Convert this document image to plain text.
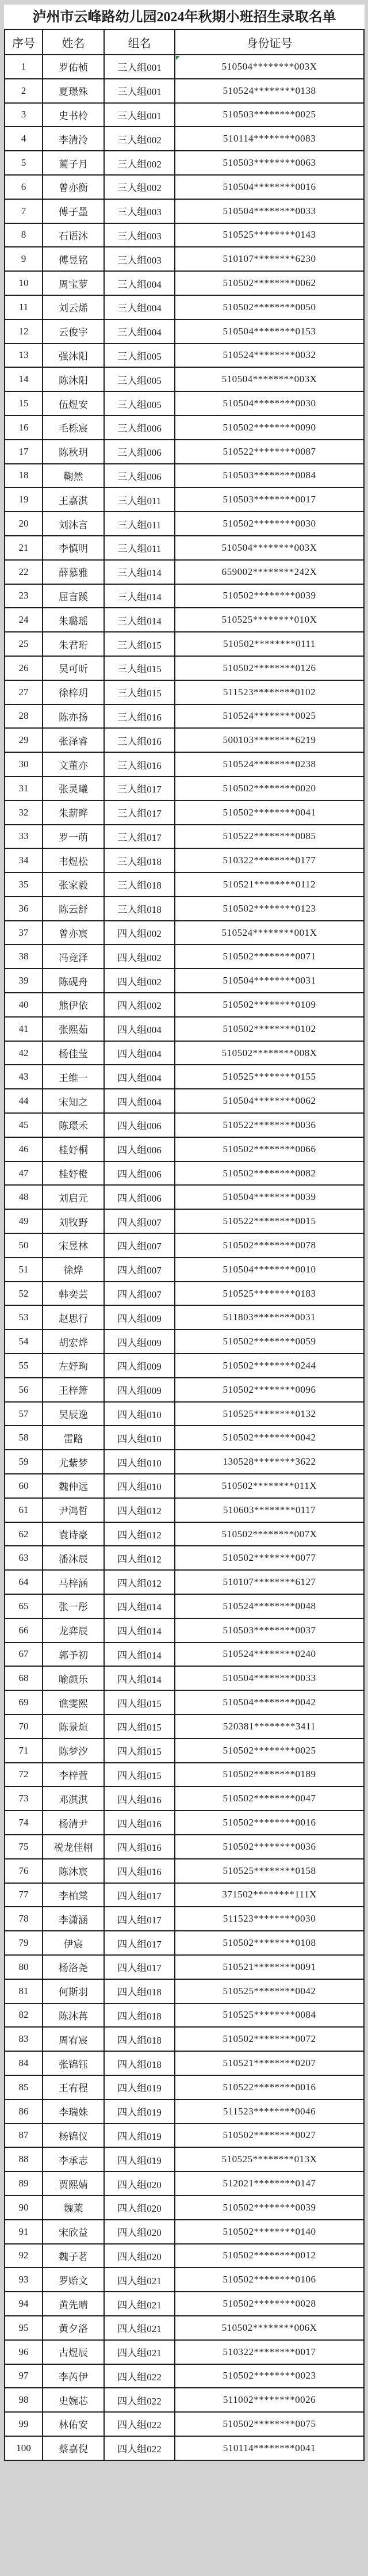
泸州市云峰路幼儿园2024年秋期小班招生录取名单
序号	姓名	组名	身份证号
1	罗佑桢	三人组001	510504********003X

2	夏璟殊	三人组001	510524********0138
3	史书柃	三人组001	510503********0025
4	李清泠	三人组002	510114********0083
5	蔺子月	三人组002	510503********0063
6	曾亦衡	三人组002	510504********0016
7	傅子墨	三人组003	510504********0033
8	石语沐	三人组003	510525********0143
9	傅昱铭	三人组003	510107********6230
10	周宝萝	三人组004	510502********0062
11	刘云烯	三人组004	510502********0050
12	云俊宇	三人组004	510504********0153
13	强沐阳	三人组005	510524********0032
14	陈沐阳	三人组005	510504********003X
15	伍煜安	三人组005	510504********0030
16	毛栎宸	三人组006	510502********0090
17	陈秋玥	三人组006	510522********0087
18	鞠然	三人组006	510503********0084
19	王嘉淇	三人组011	510503********0017
20	刘沐言	三人组011	510502********0030
21	李慎明	三人组011	510504********003X
22	薛慕雅	三人组014	659002********242X
23	屈言蹊	三人组014	510502********0039
24	朱璐瑶	三人组014	510525********010X
25	朱君珩	三人组015	510502********0111
26	吴可昕	三人组015	510502********0126
27	徐梓玥	三人组015	511523********0102
28	陈亦扬	三人组016	510524********0025
29	张泽睿	三人组016	500103********6219
30	文董亦	三人组016	510524********0238
31	张灵曦	三人组017	510502********0020
32	朱薪晔	三人组017	510502********0041
33	罗一萌	三人组017	510522********0085
34	韦煜松	三人组018	510322********0177
35	张家毅	三人组018	510521********0112
36	陈云舒	三人组018	510502********0123
37	曾亦宸	四人组002	510524********001X
38	冯竞泽	四人组002	510502********0071
39	陈砚舟	四人组002	510504********0031
40	熊伊依	四人组002	510502********0109
41	张熙茹	四人组004	510502********0102
42	杨佳莹	四人组004	510502********008X
43	王维一	四人组004	510525********0155
44	宋知之	四人组004	510504********0062
45	陈璟禾	四人组006	510522********0036
46	桂妤桐	四人组006	510502********0066
47	桂妤橙	四人组006	510502********0082
48	刘启元	四人组006	510504********0039
49	刘牧野	四人组007	510522********0015
50	宋昱林	四人组007	510502********0078
51	徐烨	四人组007	510504********0010
52	韩奕芸	四人组007	510525********0183
53	赵思行	四人组009	511803********0031
54	胡宏烨	四人组009	510502********0059
55	左妤珣	四人组009	510502********0244
56	王梓箫	四人组009	510502********0096
57	吴辰逸	四人组010	510525********0132
58	雷路	四人组010	510502********0042
59	尤紫梦	四人组010	130528********3622
60	魏仲远	四人组010	510502********011X
61	尹鸿哲	四人组012	510603********0117
62	袁诗豪	四人组012	510502********007X
63	潘沐辰	四人组012	510502********0077
64	马梓涵	四人组012	510107********6127
65	张一彤	四人组014	510524********0048
66	龙弈辰	四人组014	510503********0037
67	郭予初	四人组014	510524********0240
68	喻颜乐	四人组014	510504********0033
69	谯雯熙	四人组015	510504********0042
70	陈景煊	四人组015	520381********3411
71	陈梦汐	四人组015	510502********0025
72	李梓萱	四人组015	510502********0189
73	邓淇淇	四人组016	510502********0047
74	杨清尹	四人组016	510502********0016
75	税龙佳栩	四人组016	510502********0036
76	陈沐宸	四人组016	510525********0158
77	李柏棠	四人组017	371502********111X
78	李潇涵	四人组017	511523********0030
79	伊宸	四人组017	510502********0108
80	杨洛尧	四人组017	510521********0091
81	何斯羽	四人组018	510525********0042
82	陈沐苒	四人组018	510525********0084
83	周宥宸	四人组018	510502********0072
84	张锦钰	四人组018	510521********0207
85	王宥程	四人组019	510522********0016
86	李瑞姝	四人组019	511523********0046
87	杨锦仪	四人组019	510502********0027
88	李承志	四人组019	510525********013X
89	贾熙婧	四人组020	512021********0147
90	魏莱	四人组020	510502********0039
91	宋欣益	四人组020	510502********0140
92	魏子茗	四人组020	510502********0012
93	罗贻文	四人组021	510502********0106
94	黄先晴	四人组021	510502********0028
95	黄夕洛	四人组021	510502********006X
96	古煜辰	四人组021	510322********0017
97	李芮伊	四人组022	510502********0023
98	史婉芯	四人组022	511002********0026
99	林佑安	四人组022	510502********0075
100	蔡嘉倪	四人组022	510114********0041
